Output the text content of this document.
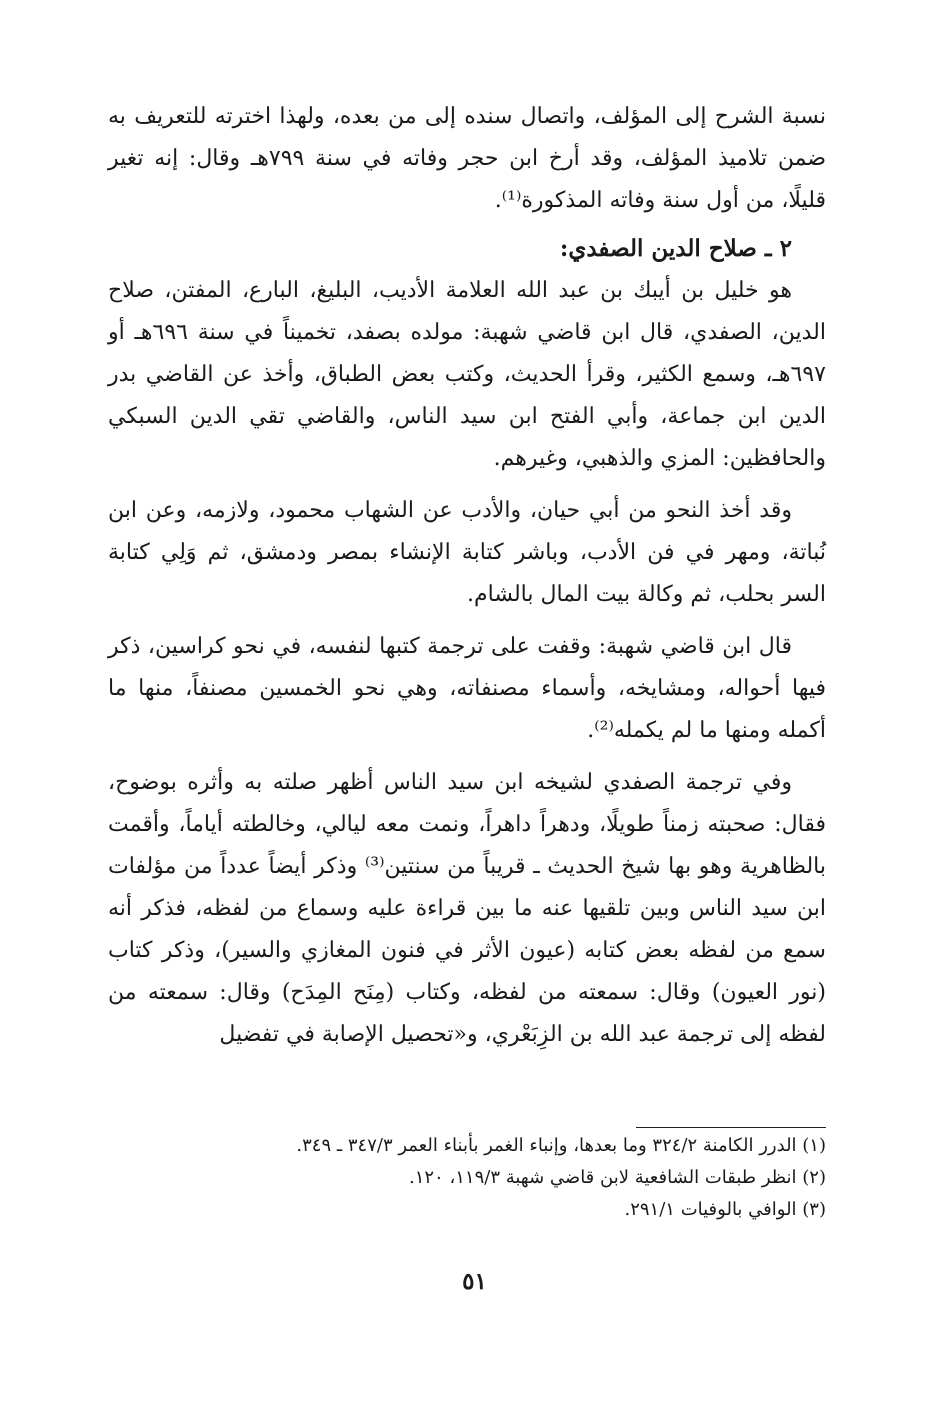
نسبة الشرح إلى المؤلف، واتصال سنده إلى من بعده، ولهذا اخترته للتعريف به ضمن تلاميذ المؤلف، وقد أرخ ابن حجر وفاته في سنة ٧٩٩هـ وقال: إنه تغير قليلًا، من أول سنة وفاته المذكورة⁽¹⁾.

٢ ـ صلاح الدين الصفدي:

هو خليل بن أيبك بن عبد الله العلامة الأديب، البليغ، البارع، المفتن، صلاح الدين، الصفدي، قال ابن قاضي شهبة: مولده بصفد، تخميناً في سنة ٦٩٦هـ أو ٦٩٧هـ، وسمع الكثير، وقرأ الحديث، وكتب بعض الطباق، وأخذ عن القاضي بدر الدين ابن جماعة، وأبي الفتح ابن سيد الناس، والقاضي تقي الدين السبكي والحافظين: المزي والذهبي، وغيرهم.

وقد أخذ النحو من أبي حيان، والأدب عن الشهاب محمود، ولازمه، وعن ابن نُباتة، ومهر في فن الأدب، وباشر كتابة الإنشاء بمصر ودمشق، ثم وَلِي كتابة السر بحلب، ثم وكالة بيت المال بالشام.

قال ابن قاضي شهبة: وقفت على ترجمة كتبها لنفسه، في نحو كراسين، ذكر فيها أحواله، ومشايخه، وأسماء مصنفاته، وهي نحو الخمسين مصنفاً، منها ما أكمله ومنها ما لم يكمله⁽²⁾.

وفي ترجمة الصفدي لشيخه ابن سيد الناس أظهر صلته به وأثره بوضوح، فقال: صحبته زمناً طويلًا، ودهراً داهراً، ونمت معه ليالي، وخالطته أياماً، وأقمت بالظاهرية وهو بها شيخ الحديث ـ قريباً من سنتين⁽³⁾ وذكر أيضاً عدداً من مؤلفات ابن سيد الناس وبين تلقيها عنه ما بين قراءة عليه وسماع من لفظه، فذكر أنه سمع من لفظه بعض كتابه (عيون الأثر في فنون المغازي والسير)، وذكر كتاب (نور العيون) وقال: سمعته من لفظه، وكتاب (مِنَح المِدَح) وقال: سمعته من لفظه إلى ترجمة عبد الله بن الزِبَعْري، و«تحصيل الإصابة في تفضيل

(١) الدرر الكامنة ٣٢٤/٢ وما بعدها، وإنباء الغمر بأبناء العمر ٣٤٧/٣ ـ ٣٤٩.

(٢) انظر طبقات الشافعية لابن قاضي شهبة ١١٩/٣، ١٢٠.

(٣) الوافي بالوفيات ٢٩١/١.

٥١
